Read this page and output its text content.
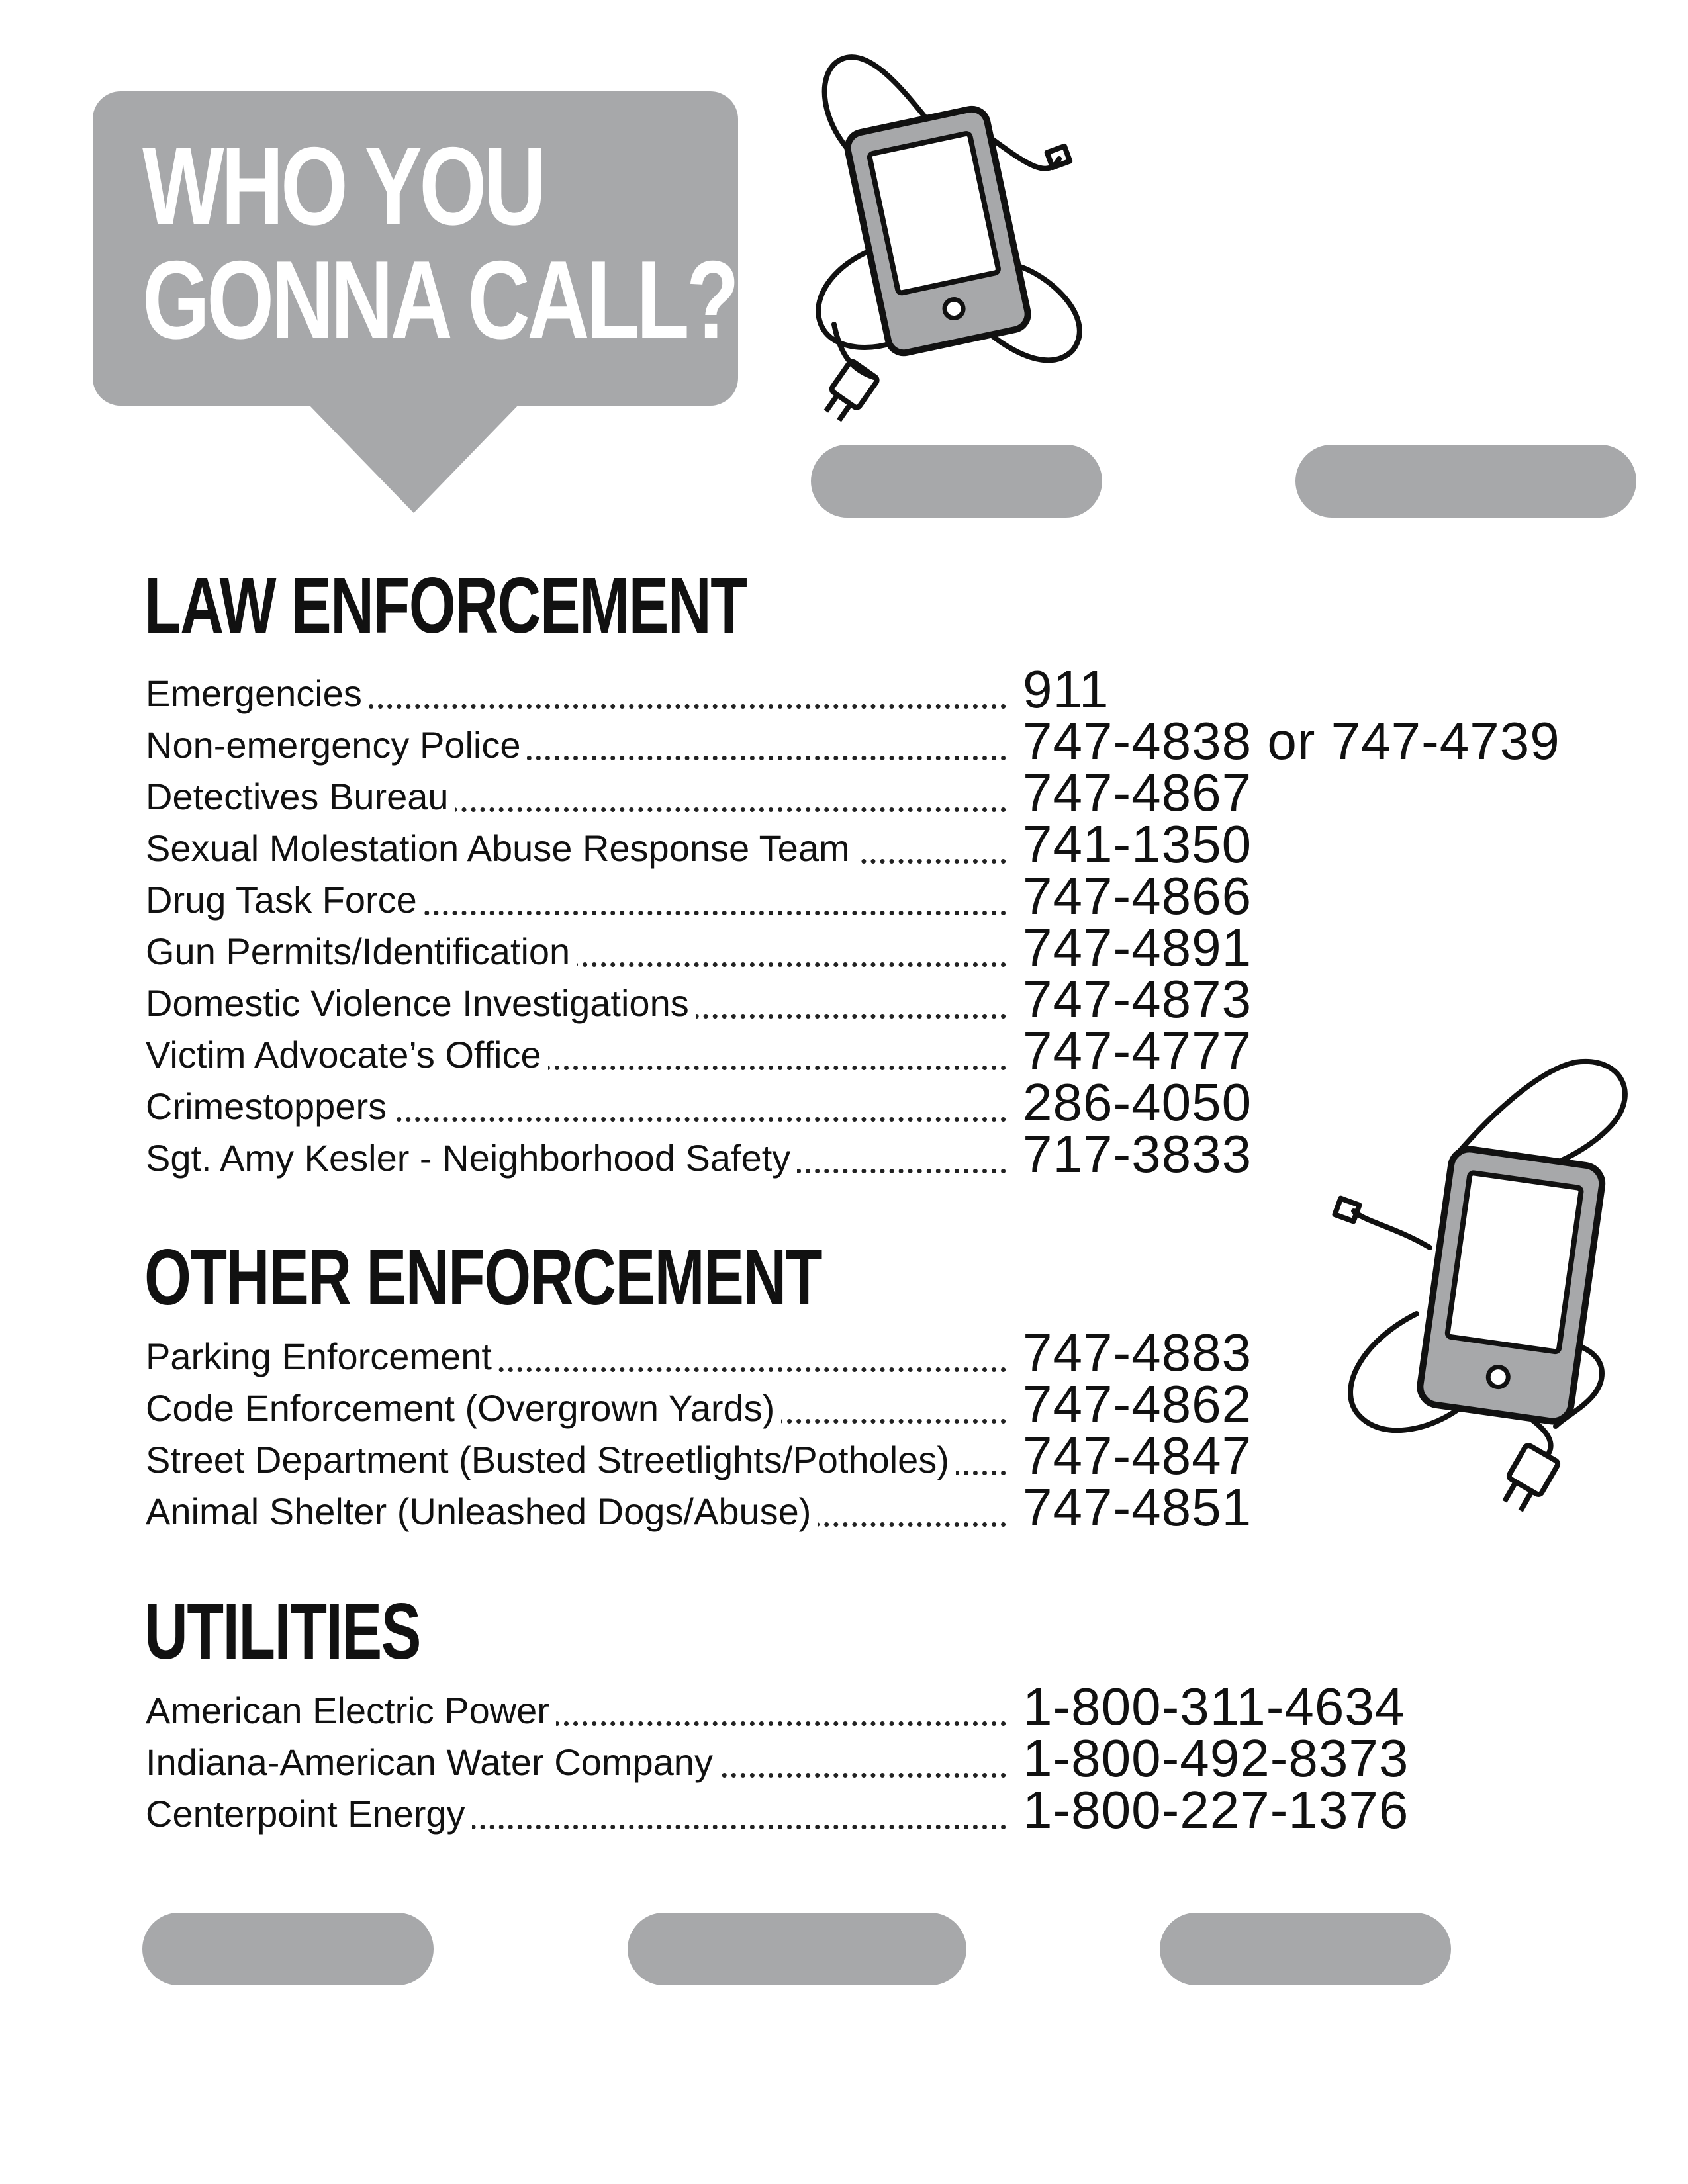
WHO YOU
GONNA CALL?
LAW ENFORCEMENT
Emergencies	911
Non-emergency Police	747-4838 or 747-4739
Detectives Bureau	747-4867
Sexual Molestation Abuse Response Team	741-1350
Drug Task Force	747-4866
Gun Permits/Identification	747-4891
Domestic Violence Investigations	747-4873
Victim Advocate’s Office	747-4777
Crimestoppers	286-4050
Sgt. Amy Kesler - Neighborhood Safety	717-3833
OTHER ENFORCEMENT
Parking Enforcement	747-4883
Code Enforcement (Overgrown Yards)	747-4862
Street Department (Busted Streetlights/Potholes)	747-4847
Animal Shelter (Unleashed Dogs/Abuse)	747-4851
UTILITIES
American Electric Power	1-800-311-4634
Indiana-American Water Company	1-800-492-8373
Centerpoint Energy	1-800-227-1376
